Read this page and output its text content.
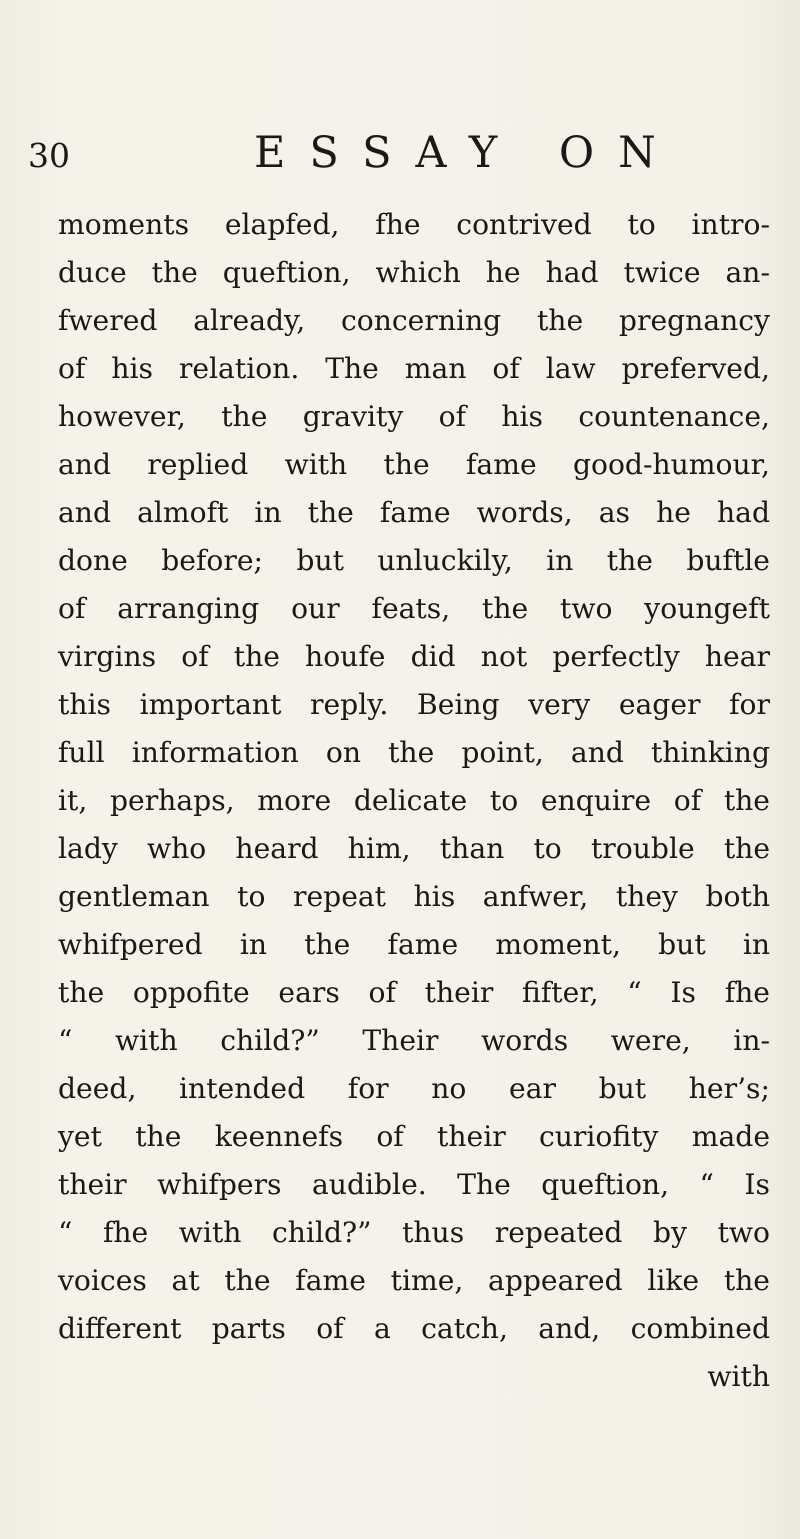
30	ESSAY ON
moments elapfed, fhe contrived to intro-
duce the queftion, which he had twice an-
fwered already, concerning the pregnancy
of his relation. The man of law preferved,
however, the gravity of his countenance,
and replied with the fame good-humour,
and almoft in the fame words, as he had
done before; but unluckily, in the buftle
of arranging our feats, the two youngeft
virgins of the houfe did not perfectly hear
this important reply. Being very eager for
full information on the point, and thinking
it, perhaps, more delicate to enquire of the
lady who heard him, than to trouble the
gentleman to repeat his anfwer, they both
whifpered in the fame moment, but in
the oppofite ears of their fifter, “ Is fhe
“ with child?” Their words were, in-
deed, intended for no ear but her’s;
yet the keennefs of their curiofity made
their whifpers audible. The queftion, “ Is
“ fhe with child?” thus repeated by two
voices at the fame time, appeared like the
different parts of a catch, and, combined
with
